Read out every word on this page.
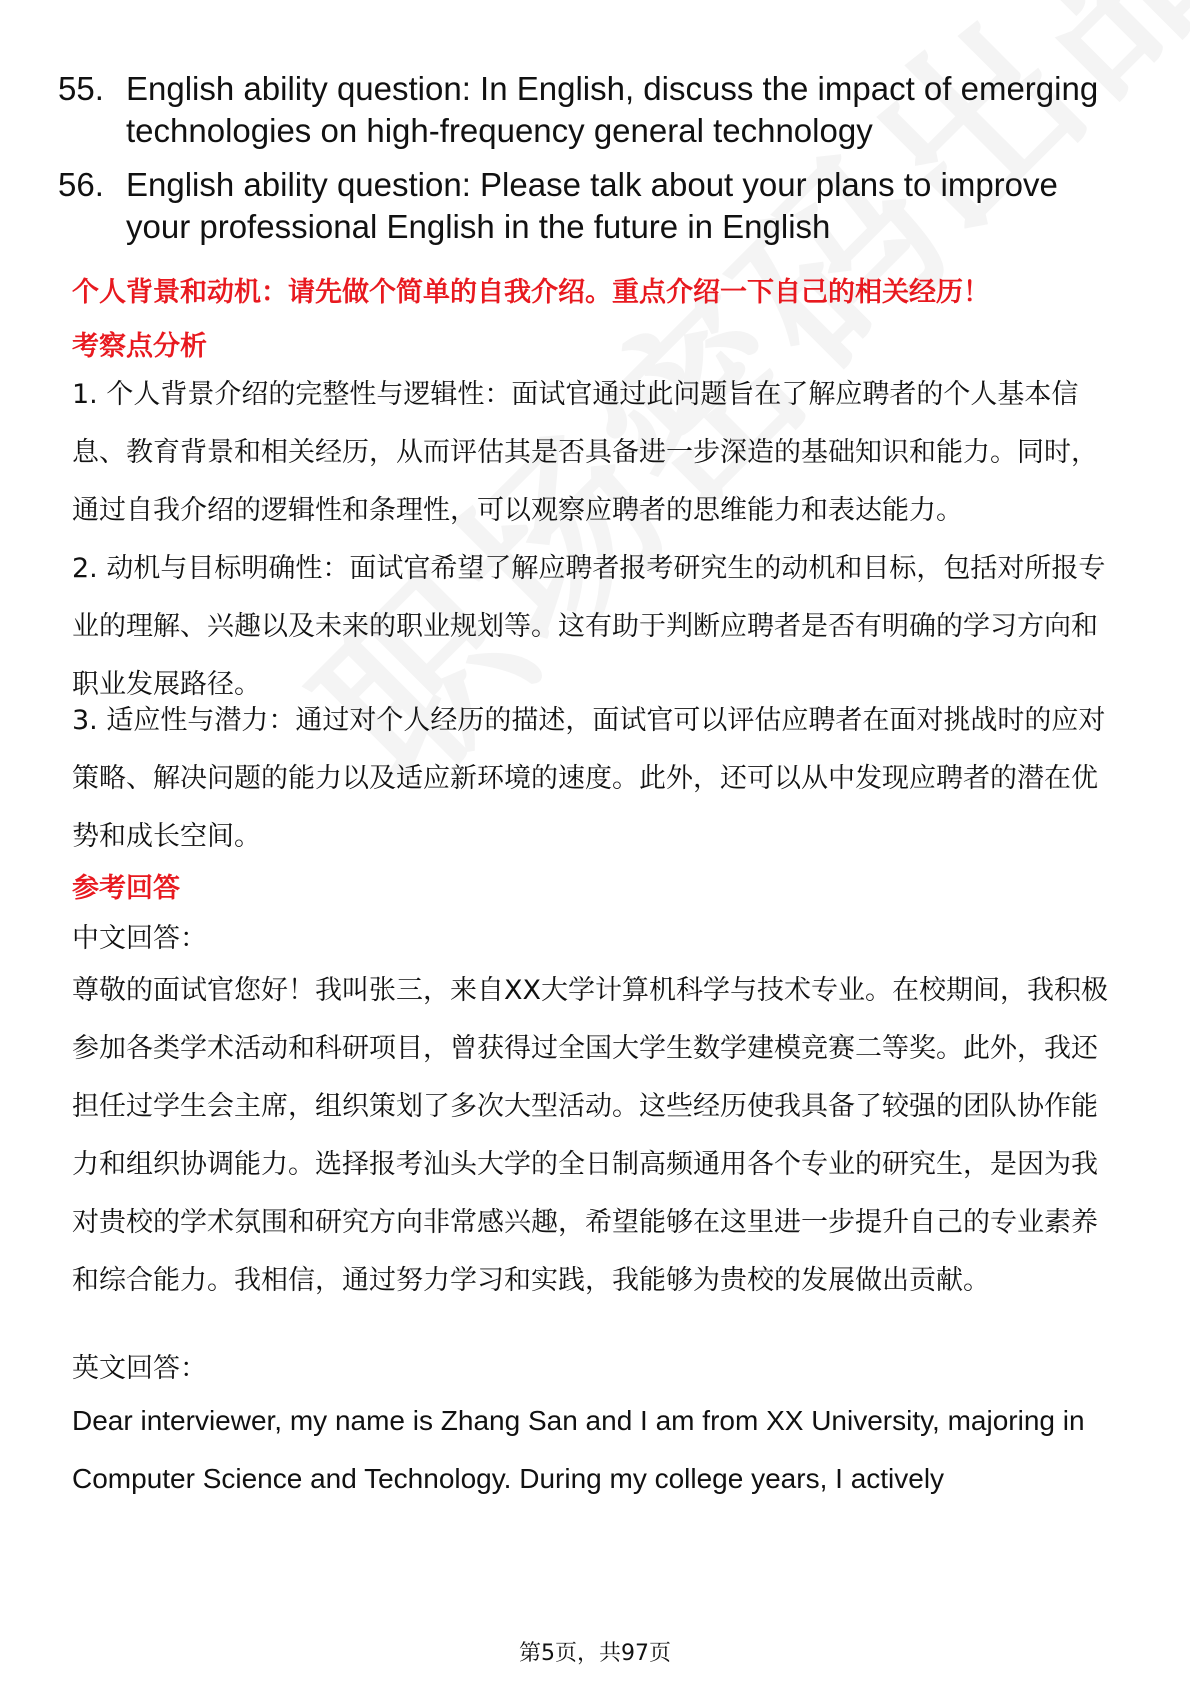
55. English ability question: In English, discuss the impact of emerging technologies on high-frequency general technology
56. English ability question: Please talk about your plans to improve your professional English in the future in English
个人背景和动机：请先做个简单的自我介绍。重点介绍一下自己的相关经历！
考察点分析
1. 个人背景介绍的完整性与逻辑性：面试官通过此问题旨在了解应聘者的个人基本信息、教育背景和相关经历，从而评估其是否具备进一步深造的基础知识和能力。同时，通过自我介绍的逻辑性和条理性，可以观察应聘者的思维能力和表达能力。
2. 动机与目标明确性：面试官希望了解应聘者报考研究生的动机和目标，包括对所报专业的理解、兴趣以及未来的职业规划等。这有助于判断应聘者是否有明确的学习方向和职业发展路径。
3. 适应性与潜力：通过对个人经历的描述，面试官可以评估应聘者在面对挑战时的应对策略、解决问题的能力以及适应新环境的速度。此外，还可以从中发现应聘者的潜在优势和成长空间。
参考回答
中文回答：
尊敬的面试官您好！我叫张三，来自XX大学计算机科学与技术专业。在校期间，我积极参加各类学术活动和科研项目，曾获得过全国大学生数学建模竞赛二等奖。此外，我还担任过学生会主席，组织策划了多次大型活动。这些经历使我具备了较强的团队协作能力和组织协调能力。选择报考汕头大学的全日制高频通用各个专业的研究生，是因为我对贵校的学术氛围和研究方向非常感兴趣，希望能够在这里进一步提升自己的专业素养和综合能力。我相信，通过努力学习和实践，我能够为贵校的发展做出贡献。
英文回答：
Dear interviewer, my name is Zhang San and I am from XX University, majoring in Computer Science and Technology. During my college years, I actively
第5页，共97页
